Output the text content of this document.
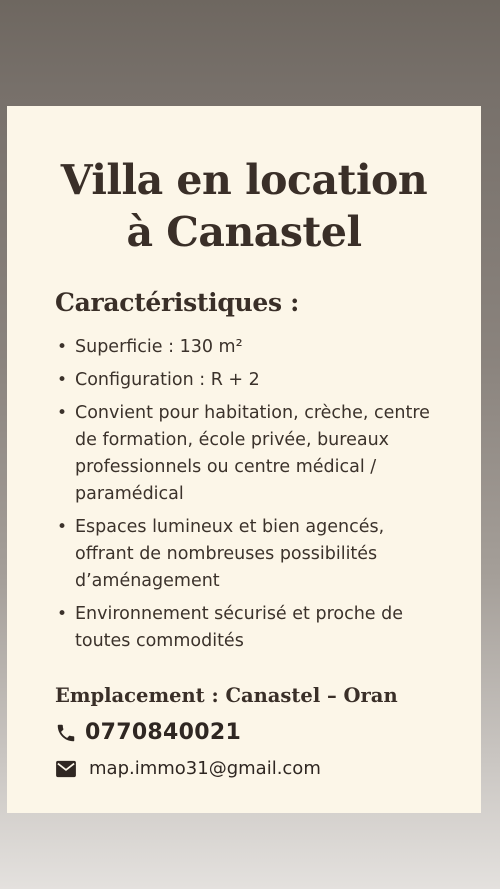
Villa en location
à Canastel
Caractéristiques :
• Superficie : 130 m²
• Configuration : R + 2
• Convient pour habitation, crèche, centre de formation, école privée, bureaux professionnels ou centre médical / paramédical
• Espaces lumineux et bien agencés, offrant de nombreuses possibilités d’aménagement
• Environnement sécurisé et proche de toutes commodités
Emplacement : Canastel – Oran
0770840021
map.immo31@gmail.com
